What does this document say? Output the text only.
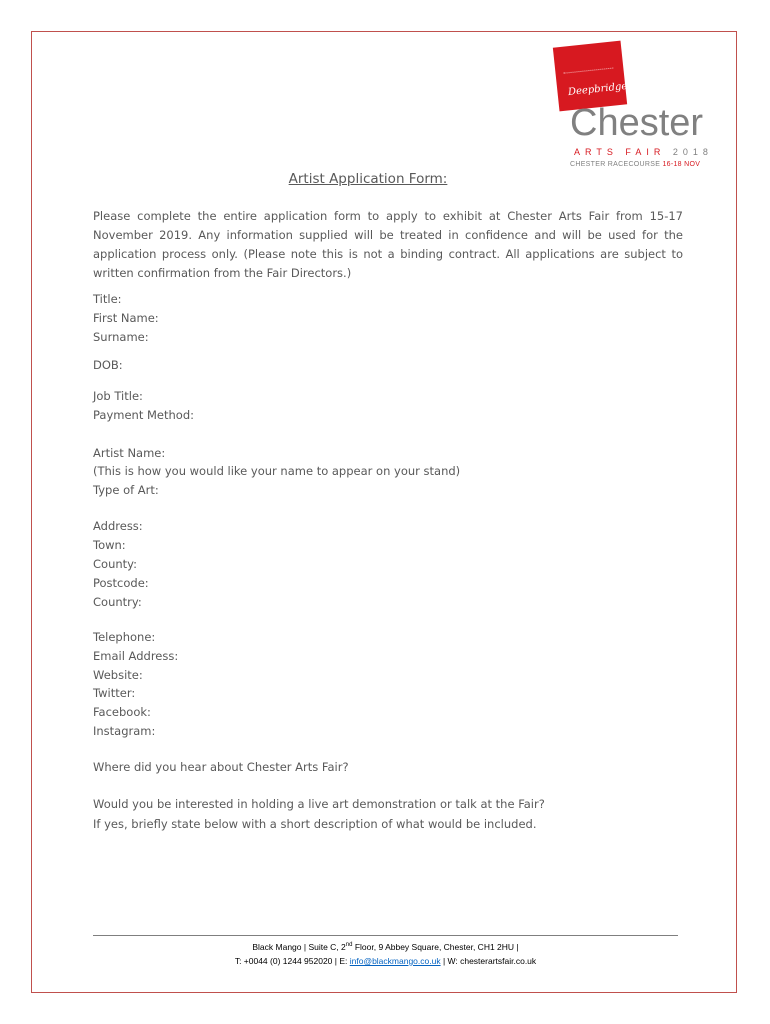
Deepbridge
Chester
ARTS FAIR 2018
CHESTER RACECOURSE 16-18 NOV
Artist Application Form:
Please complete the entire application form to apply to exhibit at Chester Arts Fair from 15-17 November 2019. Any information supplied will be treated in confidence and will be used for the application process only. (Please note this is not a binding contract. All applications are subject to written confirmation from the Fair Directors.)
Title:
First Name:
Surname:
DOB:
Job Title:
Payment Method:
Artist Name:
(This is how you would like your name to appear on your stand)
Type of Art:
Address:
Town:
County:
Postcode:
Country:
Telephone:
Email Address:
Website:
Twitter:
Facebook:
Instagram:
Where did you hear about Chester Arts Fair?
Would you be interested in holding a live art demonstration or talk at the Fair?
If yes, briefly state below with a short description of what would be included.
Black Mango | Suite C, 2nd Floor, 9 Abbey Square, Chester, CH1 2HU |
T: +0044 (0) 1244 952020 | E: info@blackmango.co.uk | W: chesterartsfair.co.uk
